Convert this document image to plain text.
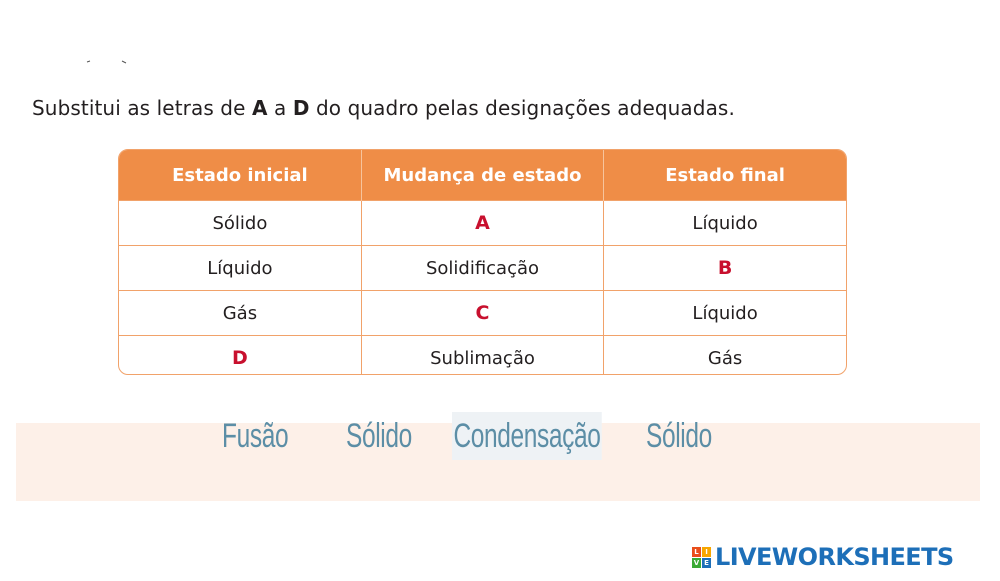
Substitui as letras de A a D do quadro pelas designações adequadas.
Estado inicial	Mudança de estado	Estado final
Sólido	A	Líquido
Líquido	Solidificação	B
Gás	C	Líquido
D	Sublimação	Gás
Fusão Sólido Condensação Sólido
L I
V E LIVEWORKSHEETS
